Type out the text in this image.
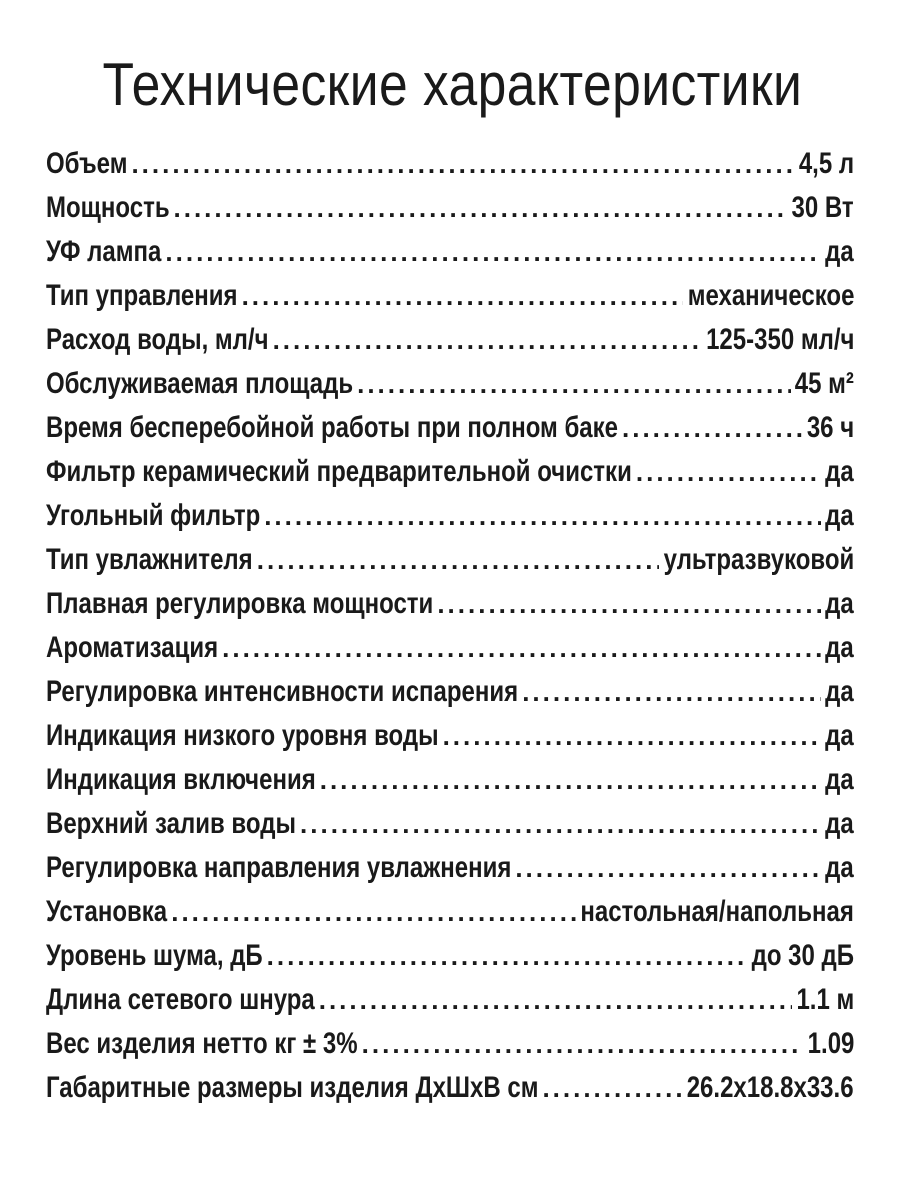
Технические характеристики
Объем .....	4,5 л
Мощность .....	30 Вт
УФ лампа .....	да
Тип управления .....	механическое
Расход воды, мл/ч .....	125-350 мл/ч
Обслуживаемая площадь .....	45 м²
Время бесперебойной работы при полном баке .....	36 ч
Фильтр керамический предварительной очистки .....	да
Угольный фильтр .....	да
Тип увлажнителя .....	ультразвуковой
Плавная регулировка мощности .....	да
Ароматизация .....	да
Регулировка интенсивности испарения .....	да
Индикация низкого уровня воды .....	да
Индикация включения .....	да
Верхний залив воды .....	да
Регулировка направления увлажнения .....	да
Установка .....	настольная/напольная
Уровень шума, дБ .....	до 30 дБ
Длина сетевого шнура .....	1.1 м
Вес изделия нетто кг ± 3% .....	1.09
Габаритные размеры изделия ДхШхВ см .....	26.2x18.8x33.6
